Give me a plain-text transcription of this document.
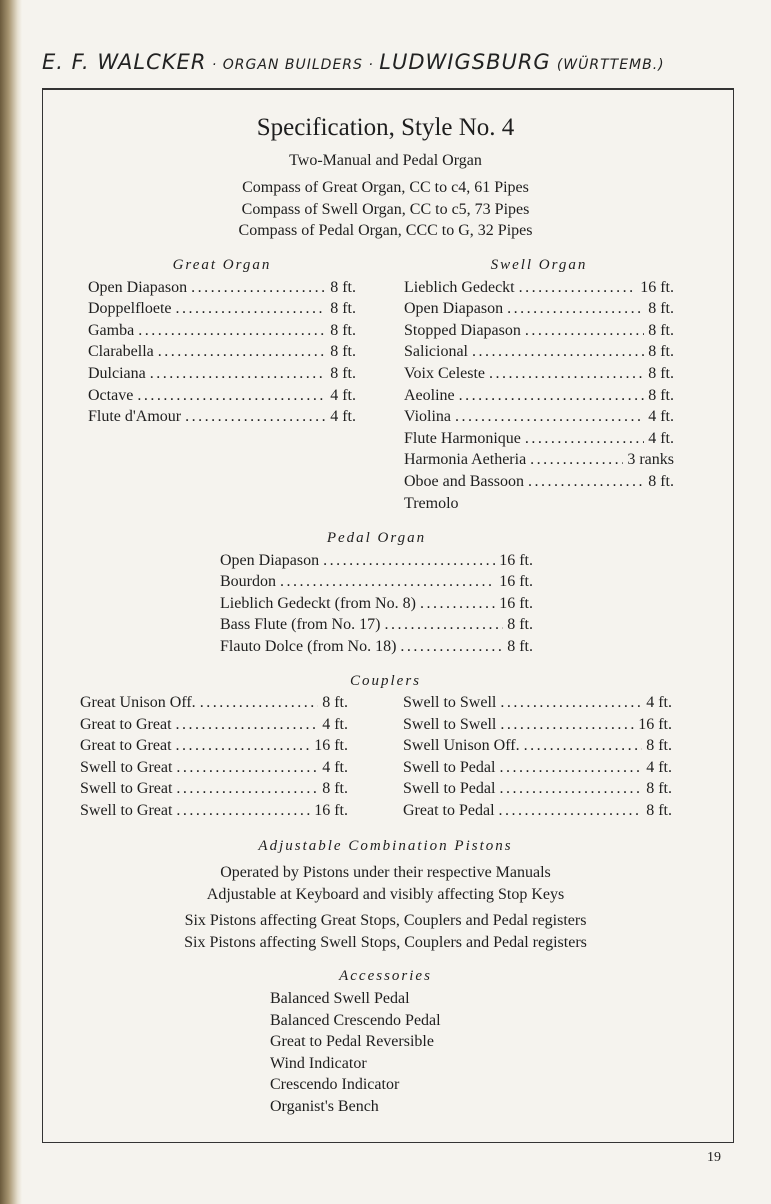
E. F. WALCKER · ORGAN BUILDERS · LUDWIGSBURG (WÜRTTEMB.)
Specification, Style No. 4
Two-Manual and Pedal Organ
Compass of Great Organ, CC to c4, 61 Pipes
Compass of Swell Organ, CC to c5, 73 Pipes
Compass of Pedal Organ, CCC to G, 32 Pipes
Great Organ
Open Diapason .....	8 ft.
Doppelfloete .....	8 ft.
Gamba .....	8 ft.
Clarabella .....	8 ft.
Dulciana .....	8 ft.
Octave .....	4 ft.
Flute d'Amour .....	4 ft.
Swell Organ
Lieblich Gedeckt .....	16 ft.
Open Diapason .....	8 ft.
Stopped Diapason .....	8 ft.
Salicional .....	8 ft.
Voix Celeste .....	8 ft.
Aeoline .....	8 ft.
Violina .....	4 ft.
Flute Harmonique .....	4 ft.
Harmonia Aetheria .....	3 ranks
Oboe and Bassoon .....	8 ft.
Tremolo
Pedal Organ
Open Diapason .....	16 ft.
Bourdon .....	16 ft.
Lieblich Gedeckt (from No. 8) .....	16 ft.
Bass Flute (from No. 17) .....	8 ft.
Flauto Dolce (from No. 18) .....	8 ft.
Couplers
Great Unison Off. .....	8 ft.
Great to Great .....	4 ft.
Great to Great .....	16 ft.
Swell to Great .....	4 ft.
Swell to Great .....	8 ft.
Swell to Great .....	16 ft.
Swell to Swell .....	4 ft.
Swell to Swell .....	16 ft.
Swell Unison Off. .....	8 ft.
Swell to Pedal .....	4 ft.
Swell to Pedal .....	8 ft.
Great to Pedal .....	8 ft.
Adjustable Combination Pistons
Operated by Pistons under their respective Manuals
Adjustable at Keyboard and visibly affecting Stop Keys
Six Pistons affecting Great Stops, Couplers and Pedal registers
Six Pistons affecting Swell Stops, Couplers and Pedal registers
Accessories
Balanced Swell Pedal
Balanced Crescendo Pedal
Great to Pedal Reversible
Wind Indicator
Crescendo Indicator
Organist's Bench
19
